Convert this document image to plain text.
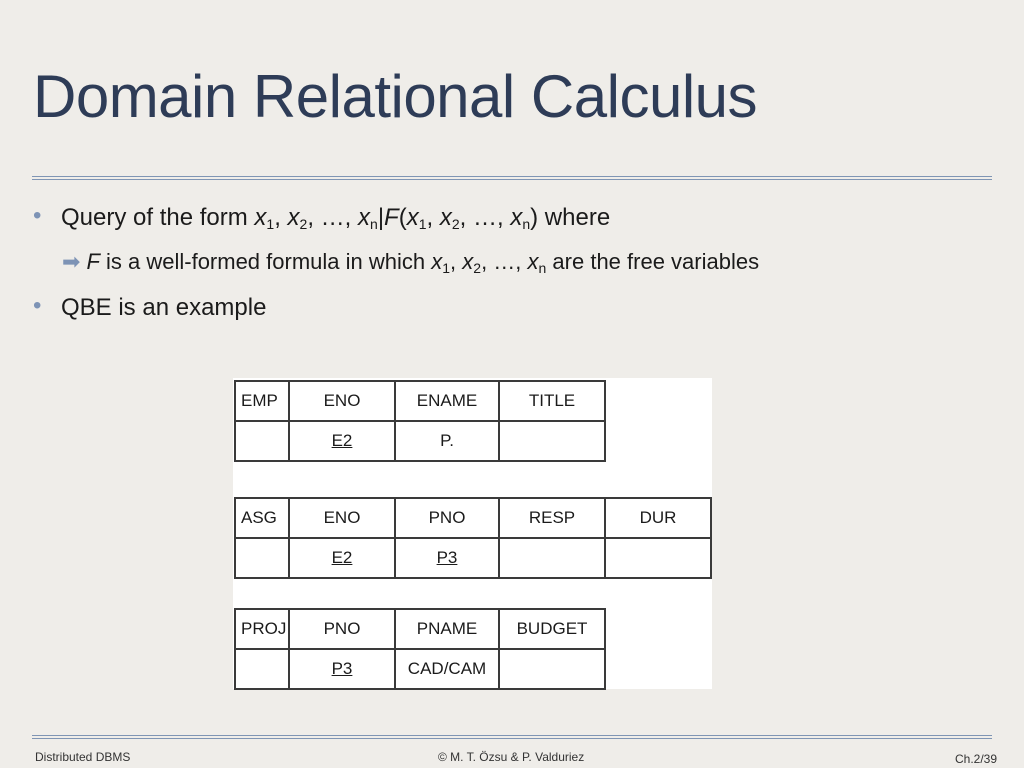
Domain Relational Calculus
• Query of the form $x_1$, $x_2$, …, $x_n|F(x_1$, $x_2$, …, $x_n$) where
➡ F is a well-formed formula in which $x_1$, $x_2$, …, $x_n$ are the free variables
• QBE is an example
EMP	ENO	ENAME	TITLE
	E2	P.	
ASG	ENO	PNO	RESP	DUR
	E2	P3		
PROJ	PNO	PNAME	BUDGET
	P3	CAD/CAM	
Distributed DBMS	© M. T. Özsu & P. Valduriez	Ch.2/39
